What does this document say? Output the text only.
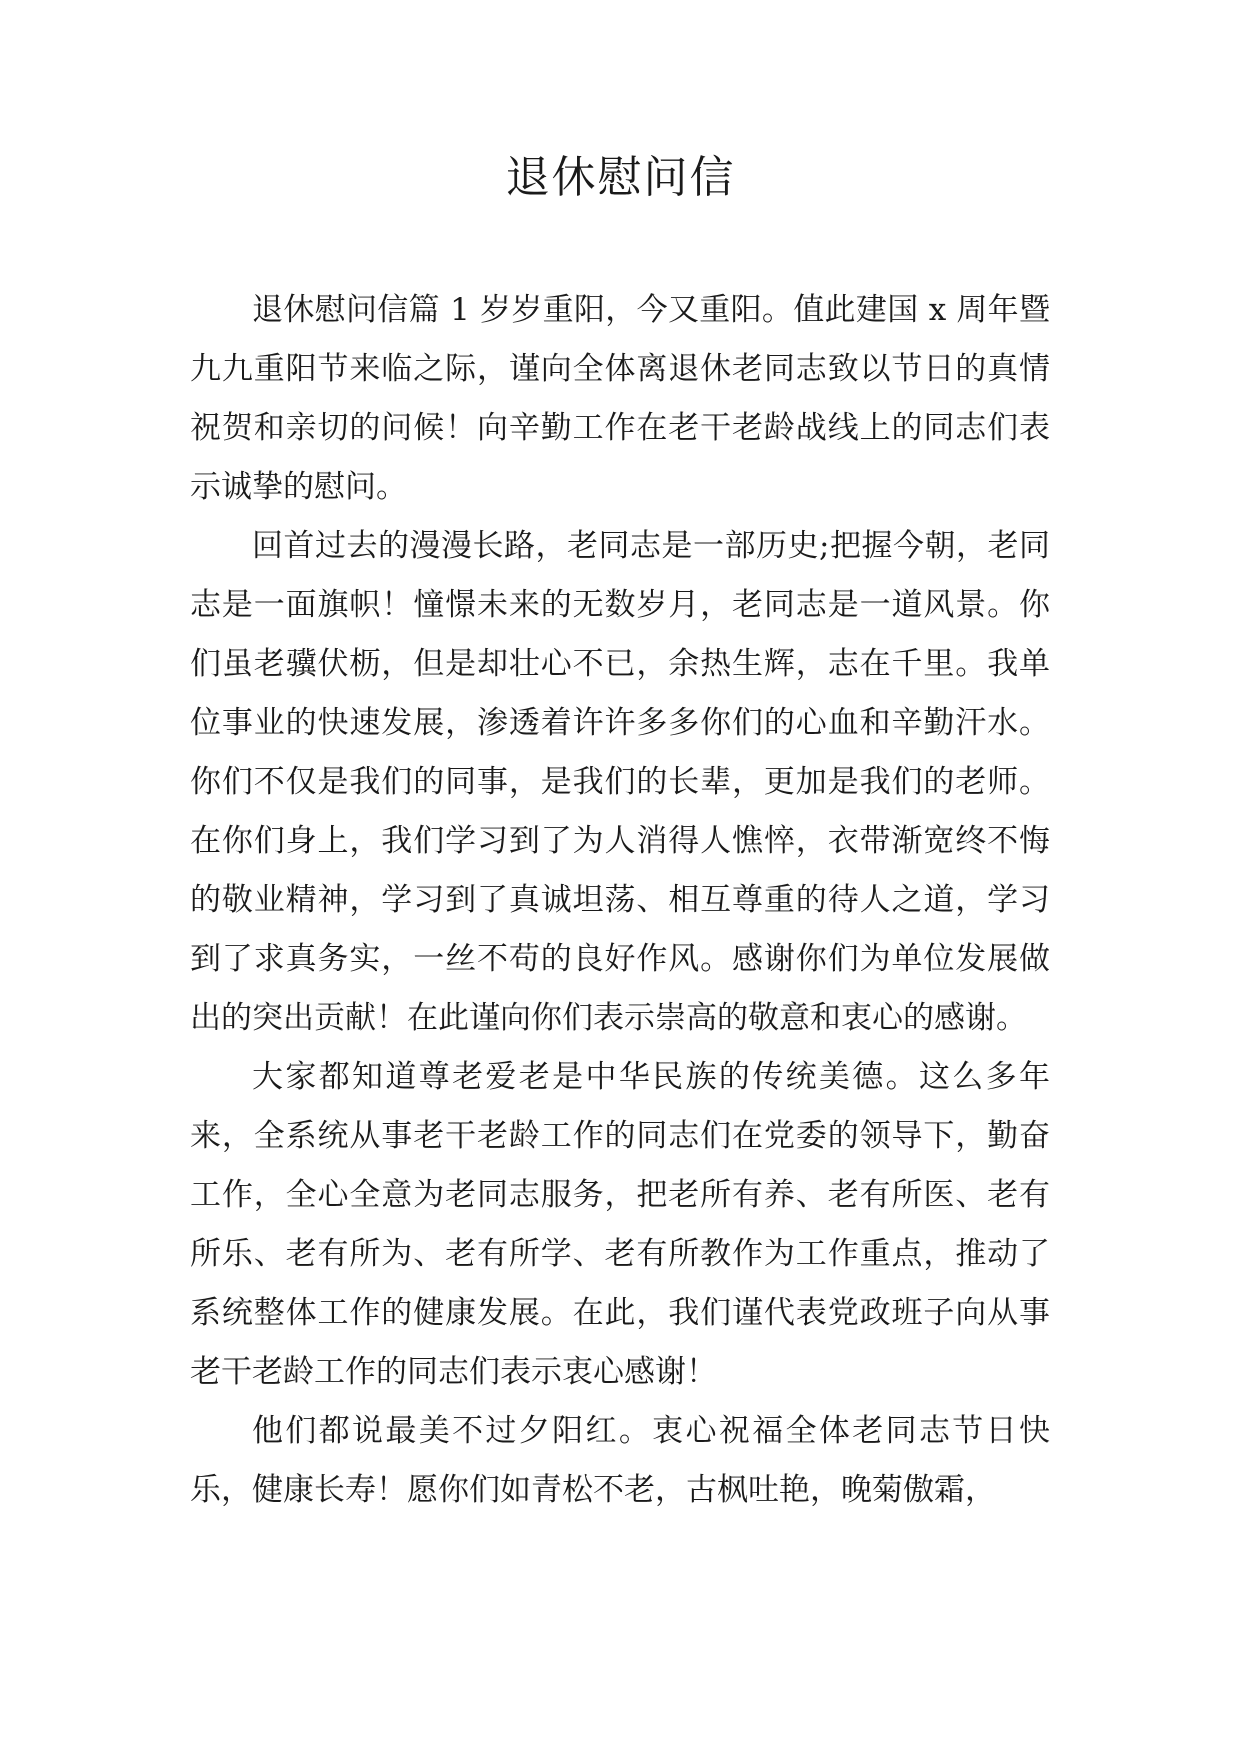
退休慰问信

退休慰问信篇 1 岁岁重阳，今又重阳。值此建国 x 周年暨九九重阳节来临之际，谨向全体离退休老同志致以节日的真情祝贺和亲切的问候！向辛勤工作在老干老龄战线上的同志们表示诚挚的慰问。

回首过去的漫漫长路，老同志是一部历史;把握今朝，老同志是一面旗帜！憧憬未来的无数岁月，老同志是一道风景。你们虽老骥伏枥，但是却壮心不已，余热生辉，志在千里。我单位事业的快速发展，渗透着许许多多你们的心血和辛勤汗水。你们不仅是我们的同事，是我们的长辈，更加是我们的老师。在你们身上，我们学习到了为人消得人憔悴，衣带渐宽终不悔的敬业精神，学习到了真诚坦荡、相互尊重的待人之道，学习到了求真务实，一丝不苟的良好作风。感谢你们为单位发展做出的突出贡献！在此谨向你们表示崇高的敬意和衷心的感谢。

大家都知道尊老爱老是中华民族的传统美德。这么多年来，全系统从事老干老龄工作的同志们在党委的领导下，勤奋工作，全心全意为老同志服务，把老所有养、老有所医、老有所乐、老有所为、老有所学、老有所教作为工作重点，推动了系统整体工作的健康发展。在此，我们谨代表党政班子向从事老干老龄工作的同志们表示衷心感谢！

他们都说最美不过夕阳红。衷心祝福全体老同志节日快乐，健康长寿！愿你们如青松不老，古枫吐艳，晚菊傲霜，
